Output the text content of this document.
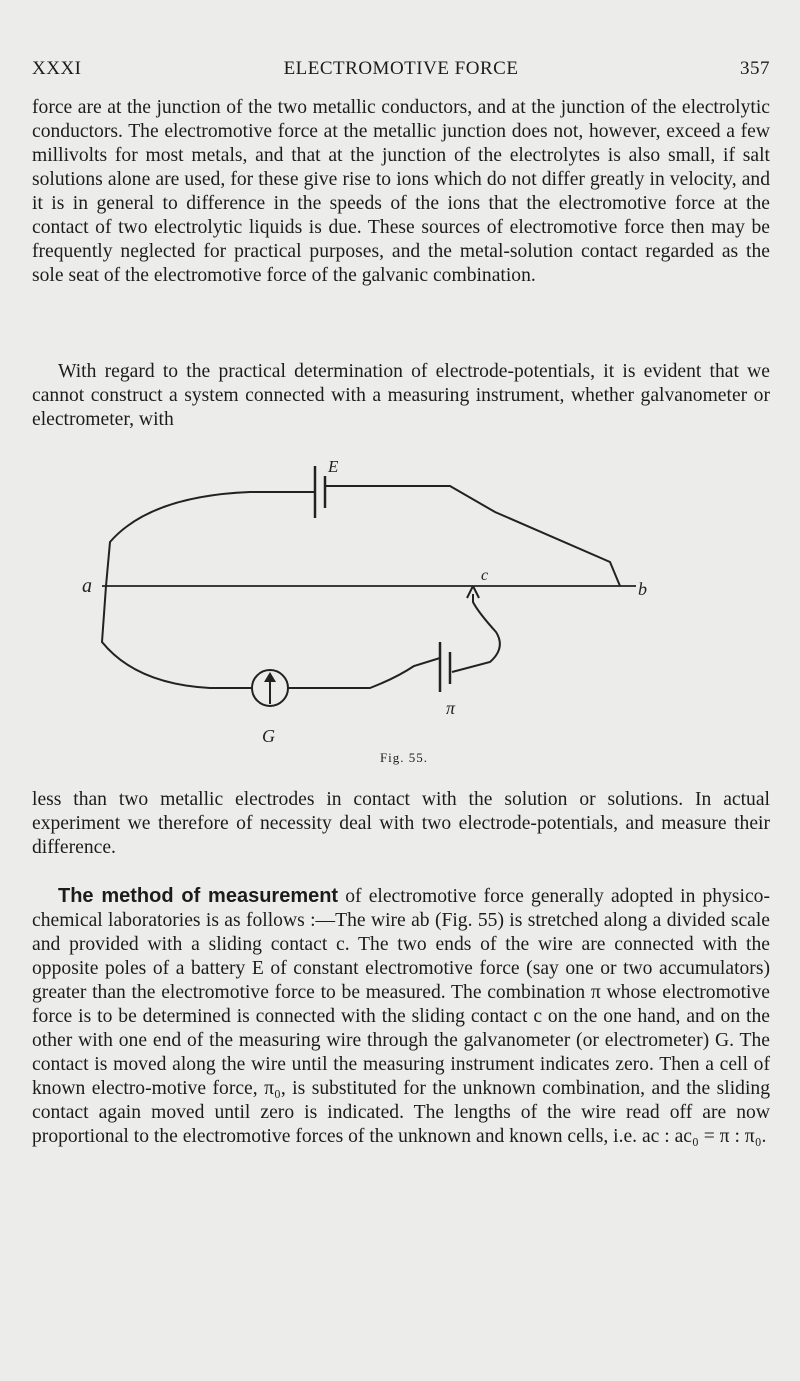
XXXI	ELECTROMOTIVE FORCE	357

force are at the junction of the two metallic conductors, and at the junction of the electrolytic conductors. The electromotive force at the metallic junction does not, however, exceed a few millivolts for most metals, and that at the junction of the electrolytes is also small, if salt solutions alone are used, for these give rise to ions which do not differ greatly in velocity, and it is in general to difference in the speeds of the ions that the electromotive force at the contact of two electrolytic liquids is due. These sources of electromotive force then may be frequently neglected for practical purposes, and the metal-solution contact regarded as the sole seat of the electromotive force of the galvanic combination.

With regard to the practical determination of electrode-potentials, it is evident that we cannot construct a system connected with a measuring instrument, whether galvanometer or electrometer, with

E
a	b
c
π
G
Fig. 55.

less than two metallic electrodes in contact with the solution or solutions. In actual experiment we therefore of necessity deal with two electrode-potentials, and measure their difference.

The method of measurement of electromotive force generally adopted in physico-chemical laboratories is as follows :—The wire ab (Fig. 55) is stretched along a divided scale and provided with a sliding contact c. The two ends of the wire are connected with the opposite poles of a battery E of constant electromotive force (say one or two accumulators) greater than the electromotive force to be measured. The combination π whose electromotive force is to be determined is connected with the sliding contact c on the one hand, and on the other with one end of the measuring wire through the galvanometer (or electrometer) G. The contact is moved along the wire until the measuring instrument indicates zero. Then a cell of known electro-motive force, π₀, is substituted for the unknown combination, and the sliding contact again moved until zero is indicated. The lengths of the wire read off are now proportional to the electromotive forces of the unknown and known cells, i.e. ac : ac₀ = π : π₀.
